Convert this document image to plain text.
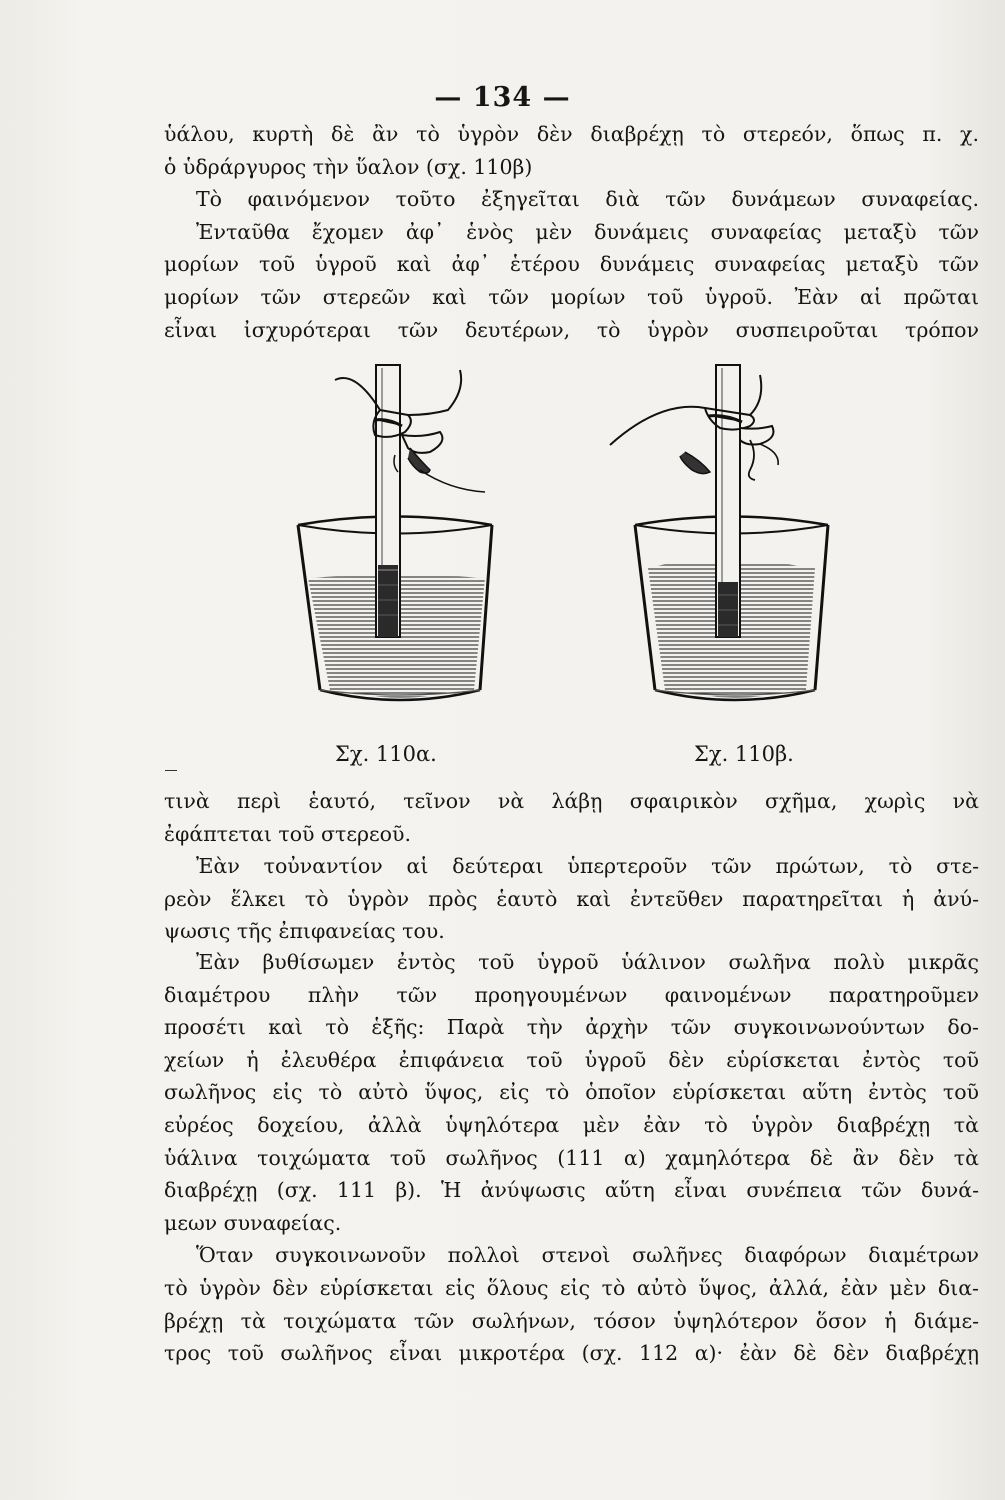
— 134 —
ὑάλου, κυρτὴ δὲ ἂν τὸ ὑγρὸν δὲν διαβρέχῃ τὸ στερεόν, ὅπως π. χ.
ὁ ὑδράργυρος τὴν ὕαλον (σχ. 110β)
Τὸ φαινόμενον τοῦτο ἐξηγεῖται διὰ τῶν δυνάμεων συναφείας.
Ἐνταῦθα ἔχομεν ἀφ᾽ ἑνὸς μὲν δυνάμεις συναφείας μεταξὺ τῶν
μορίων τοῦ ὑγροῦ καὶ ἀφ᾽ ἑτέρου δυνάμεις συναφείας μεταξὺ τῶν
μορίων τῶν στερεῶν καὶ τῶν μορίων τοῦ ὑγροῦ. Ἐὰν αἱ πρῶται
εἶναι ἰσχυρότεραι τῶν δευτέρων, τὸ ὑγρὸν συσπειροῦται τρόπον
Σχ. 110α.	Σχ. 110β.
τινὰ περὶ ἑαυτό, τεῖνον νὰ λάβῃ σφαιρικὸν σχῆμα, χωρὶς νὰ
ἐφάπτεται τοῦ στερεοῦ.
Ἐὰν τοὐναντίον αἱ δεύτεραι ὑπερτεροῦν τῶν πρώτων, τὸ στε-
ρεὸν ἕλκει τὸ ὑγρὸν πρὸς ἑαυτὸ καὶ ἐντεῦθεν παρατηρεῖται ἡ ἀνύ-
ψωσις τῆς ἐπιφανείας του.
Ἐὰν βυθίσωμεν ἐντὸς τοῦ ὑγροῦ ὑάλινον σωλῆνα πολὺ μικρᾶς
διαμέτρου πλὴν τῶν προηγουμένων φαινομένων παρατηροῦμεν
προσέτι καὶ τὸ ἑξῆς: Παρὰ τὴν ἀρχὴν τῶν συγκοινωνούντων δο-
χείων ἡ ἐλευθέρα ἐπιφάνεια τοῦ ὑγροῦ δὲν εὑρίσκεται ἐντὸς τοῦ
σωλῆνος εἰς τὸ αὐτὸ ὕψος, εἰς τὸ ὁποῖον εὑρίσκεται αὕτη ἐντὸς τοῦ
εὐρέος δοχείου, ἀλλὰ ὑψηλότερα μὲν ἐὰν τὸ ὑγρὸν διαβρέχῃ τὰ
ὑάλινα τοιχώματα τοῦ σωλῆνος (111 α) χαμηλότερα δὲ ἂν δὲν τὰ
διαβρέχῃ (σχ. 111 β). Ἡ ἀνύψωσις αὕτη εἶναι συνέπεια τῶν δυνά-
μεων συναφείας.
Ὅταν συγκοινωνοῦν πολλοὶ στενοὶ σωλῆνες διαφόρων διαμέτρων
τὸ ὑγρὸν δὲν εὑρίσκεται εἰς ὅλους εἰς τὸ αὐτὸ ὕψος, ἀλλά, ἐὰν μὲν δια-
βρέχῃ τὰ τοιχώματα τῶν σωλήνων, τόσον ὑψηλότερον ὅσον ἡ διάμε-
τρος τοῦ σωλῆνος εἶναι μικροτέρα (σχ. 112 α)· ἐὰν δὲ δὲν διαβρέχῃ
